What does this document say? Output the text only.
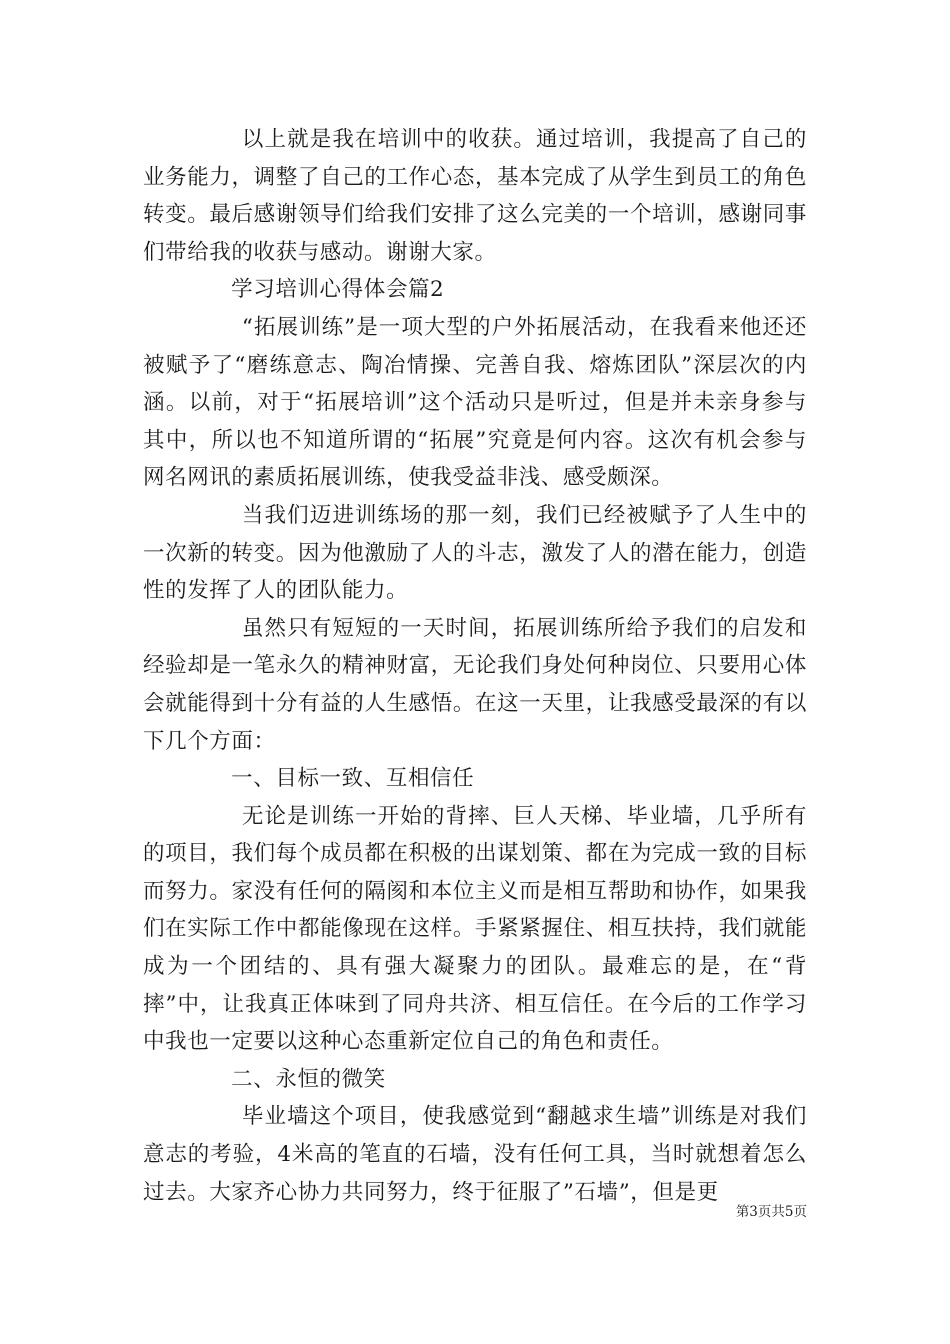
以上就是我在培训中的收获。通过培训，我提高了自己的业务能力，调整了自己的工作心态，基本完成了从学生到员工的角色转变。最后感谢领导们给我们安排了这么完美的一个培训，感谢同事们带给我的收获与感动。谢谢大家。

学习培训心得体会篇2

“拓展训练”是一项大型的户外拓展活动，在我看来他还还被赋予了“磨练意志、陶冶情操、完善自我、熔炼团队”深层次的内涵。以前，对于“拓展培训”这个活动只是听过，但是并未亲身参与其中，所以也不知道所谓的“拓展”究竟是何内容。这次有机会参与网名网讯的素质拓展训练，使我受益非浅、感受颇深。

当我们迈进训练场的那一刻，我们已经被赋予了人生中的一次新的转变。因为他激励了人的斗志，激发了人的潜在能力，创造性的发挥了人的团队能力。

虽然只有短短的一天时间，拓展训练所给予我们的启发和经验却是一笔永久的精神财富，无论我们身处何种岗位、只要用心体会就能得到十分有益的人生感悟。在这一天里，让我感受最深的有以下几个方面：

一、目标一致、互相信任

无论是训练一开始的背摔、巨人天梯、毕业墙，几乎所有的项目，我们每个成员都在积极的出谋划策、都在为完成一致的目标而努力。家没有任何的隔阂和本位主义而是相互帮助和协作，如果我们在实际工作中都能像现在这样。手紧紧握住、相互扶持，我们就能成为一个团结的、具有强大凝聚力的团队。最难忘的是，在“背摔”中，让我真正体味到了同舟共济、相互信任。在今后的工作学习中我也一定要以这种心态重新定位自己的角色和责任。

二、永恒的微笑

毕业墙这个项目，使我感觉到“翻越求生墙”训练是对我们意志的考验，4米高的笔直的石墙，没有任何工具，当时就想着怎么过去。大家齐心协力共同努力，终于征服了”石墙”，但是更

第3页共5页
